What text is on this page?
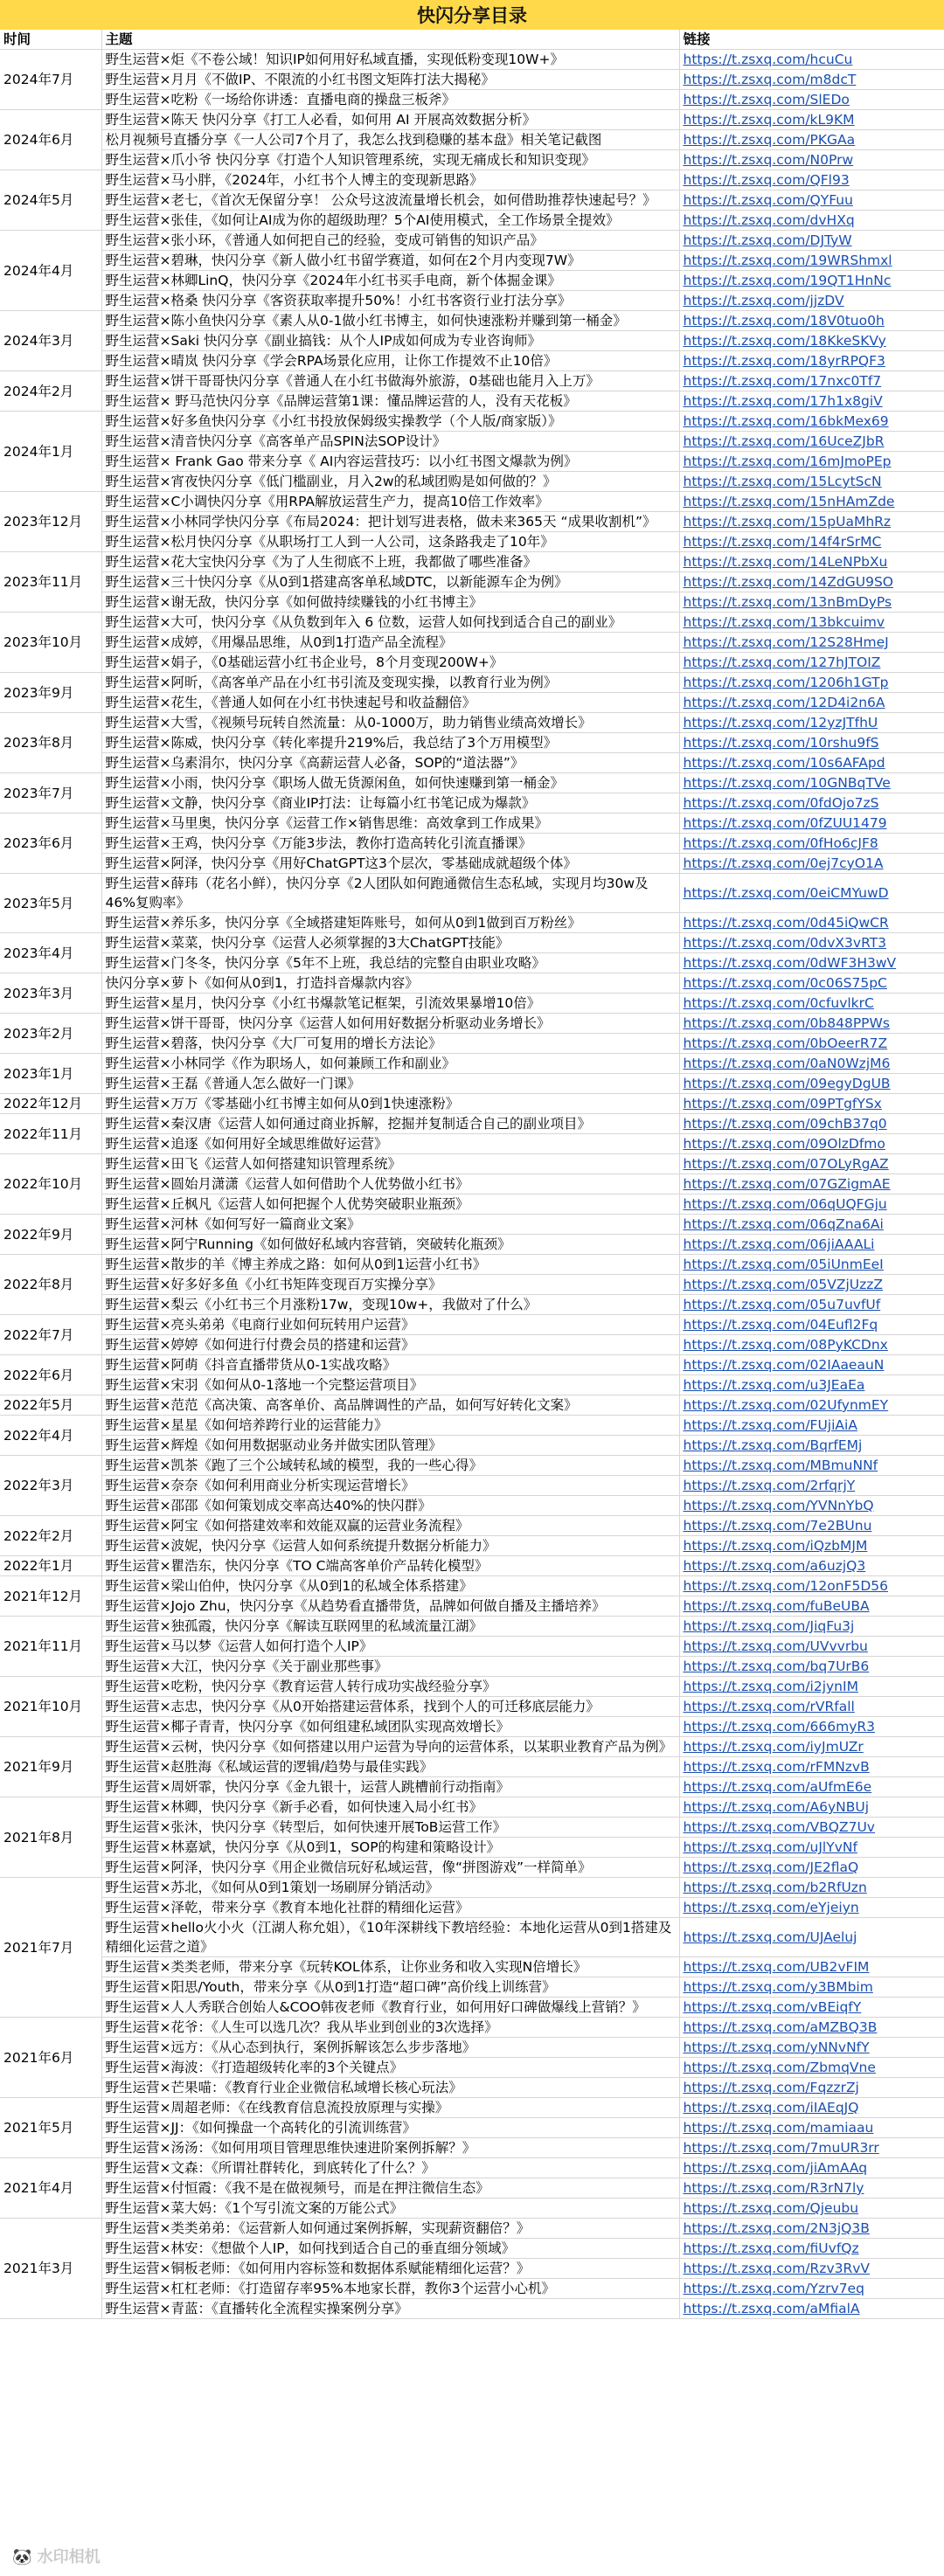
快闪分享目录
时间	主题	链接
2024年7月	野生运营×炬《不卷公域！知识IP如何用好私域直播，实现低粉变现10W+》	https://t.zsxq.com/hcuCu
	野生运营×月月《不做IP、不限流的小红书图文矩阵打法大揭秘》	https://t.zsxq.com/m8dcT
	野生运营×吃粉《一场给你讲透：直播电商的操盘三板斧》	https://t.zsxq.com/SlEDo
2024年6月	野生运营×陈天 快闪分享《打工人必看，如何用 AI 开展高效数据分析》	https://t.zsxq.com/kL9KM
	松月视频号直播分享《一人公司7个月了，我怎么找到稳赚的基本盘》相关笔记截图	https://t.zsxq.com/PKGAa
	野生运营×爪小爷 快闪分享《打造个人知识管理系统，实现无痛成长和知识变现》	https://t.zsxq.com/N0Prw
2024年5月	野生运营×马小胖，《2024年，小红书个人博主的变现新思路》	https://t.zsxq.com/QFl93
	野生运营×老七，《首次无保留分享！ 公众号这波流量增长机会，如何借助推荐快速起号？》	https://t.zsxq.com/QYFuu
	野生运营×张佳，《如何让AI成为你的超级助理？5个AI使用模式，全工作场景全提效》	https://t.zsxq.com/dvHXq
2024年4月	野生运营×张小环，《普通人如何把自己的经验，变成可销售的知识产品》	https://t.zsxq.com/DJTyW
	野生运营×碧琳，快闪分享《新人做小红书留学赛道，如何在2个月内变现7W》	https://t.zsxq.com/19WRShmxl
	野生运营×林卿LinQ，快闪分享《2024年小红书买手电商，新个体掘金课》	https://t.zsxq.com/19QT1HnNc
	野生运营×格桑 快闪分享《客资获取率提升50%！小红书客资行业打法分享》	https://t.zsxq.com/jjzDV
2024年3月	野生运营×陈小鱼快闪分享《素人从0-1做小红书博主，如何快速涨粉并赚到第一桶金》	https://t.zsxq.com/18V0tuo0h
	野生运营×Saki 快闪分享《副业搞钱：从个人IP成如何成为专业咨询师》	https://t.zsxq.com/18KkeSKVy
	野生运营×晴岚 快闪分享《学会RPA场景化应用，让你工作提效不止10倍》	https://t.zsxq.com/18yrRPQF3
2024年2月	野生运营×饼干哥哥快闪分享《普通人在小红书做海外旅游，0基础也能月入上万》	https://t.zsxq.com/17nxc0Tf7
	野生运营× 野马范快闪分享《品牌运营第1课：懂品牌运营的人，没有天花板》	https://t.zsxq.com/17h1x8giV
2024年1月	野生运营×好多鱼快闪分享《小红书投放保姆级实操教学（个人版/商家版）》	https://t.zsxq.com/16bkMex69
	野生运营×清音快闪分享《高客单产品SPIN法SOP设计》	https://t.zsxq.com/16UceZJbR
	野生运营× Frank Gao 带来分享《 AI内容运营技巧：以小红书图文爆款为例》	https://t.zsxq.com/16mJmoPEp
	野生运营×宵夜快闪分享《低门槛副业，月入2w的私域团购是如何做的？》	https://t.zsxq.com/15LcytScN
2023年12月	野生运营×C小调快闪分享《用RPA解放运营生产力，提高10倍工作效率》	https://t.zsxq.com/15nHAmZde
	野生运营×小林同学快闪分享《布局2024：把计划写进表格，做未来365天 “成果收割机”》	https://t.zsxq.com/15pUaMhRz
	野生运营×松月快闪分享《从职场打工人到一人公司，这条路我走了10年》	https://t.zsxq.com/14f4rSrMC
2023年11月	野生运营×花大宝快闪分享《为了人生彻底不上班，我都做了哪些准备》	https://t.zsxq.com/14LeNPbXu
	野生运营×三十快闪分享《从0到1搭建高客单私域DTC，以新能源车企为例》	https://t.zsxq.com/14ZdGU9SO
	野生运营×谢无敌，快闪分享《如何做持续赚钱的小红书博主》	https://t.zsxq.com/13nBmDyPs
2023年10月	野生运营×大可，快闪分享《从负数到年入 6 位数，运营人如何找到适合自己的副业》	https://t.zsxq.com/13bkcuimv
	野生运营×成婷，《用爆品思维，从0到1打造产品全流程》	https://t.zsxq.com/12S28HmeJ
	野生运营×娟子，《0基础运营小红书企业号，8个月变现200W+》	https://t.zsxq.com/127hJTOIZ
2023年9月	野生运营×阿昕，《高客单产品在小红书引流及变现实操，以教育行业为例》	https://t.zsxq.com/1206h1GTp
	野生运营×花生，《普通人如何在小红书快速起号和收益翻倍》	https://t.zsxq.com/12D4i2n6A
2023年8月	野生运营×大雪，《视频号玩转自然流量：从0-1000万，助力销售业绩高效增长》	https://t.zsxq.com/12yzJTfhU
	野生运营×陈威，快闪分享《转化率提升219%后，我总结了3个万用模型》	https://t.zsxq.com/10rshu9fS
	野生运营×乌素涓尔，快闪分享《高薪运营人必备，SOP的“道法器”》	https://t.zsxq.com/10s6AFApd
2023年7月	野生运营×小雨，快闪分享《职场人做无货源闲鱼，如何快速赚到第一桶金》	https://t.zsxq.com/10GNBqTVe
	野生运营×文静，快闪分享《商业IP打法：让每篇小红书笔记成为爆款》	https://t.zsxq.com/0fdOjo7zS
2023年6月	野生运营×马里奥，快闪分享《运营工作×销售思维：高效拿到工作成果》	https://t.zsxq.com/0fZUU1479
	野生运营×王鸡，快闪分享《万能3步法，教你打造高转化引流直播课》	https://t.zsxq.com/0fHo6cJF8
	野生运营×阿泽，快闪分享《用好ChatGPT这3个层次，零基础成就超级个体》	https://t.zsxq.com/0ej7cyO1A
2023年5月	野生运营×薛玮（花名小鲜），快闪分享《2人团队如何跑通微信生态私域，实现月均30w及46%复购率》	https://t.zsxq.com/0eiCMYuwD
	野生运营×养乐多，快闪分享《全域搭建矩阵账号，如何从0到1做到百万粉丝》	https://t.zsxq.com/0d45iQwCR
2023年4月	野生运营×菜菜，快闪分享《运营人必须掌握的3大ChatGPT技能》	https://t.zsxq.com/0dvX3vRT3
	野生运营×门冬冬，快闪分享《5年不上班，我总结的完整自由职业攻略》	https://t.zsxq.com/0dWF3H3wV
2023年3月	快闪分享×萝卜《如何从0到1，打造抖音爆款内容》	https://t.zsxq.com/0c06S75pC
	野生运营×星月，快闪分享《小红书爆款笔记框架，引流效果暴增10倍》	https://t.zsxq.com/0cfuvlkrC
2023年2月	野生运营×饼干哥哥，快闪分享《运营人如何用好数据分析驱动业务增长》	https://t.zsxq.com/0b848PPWs
	野生运营×碧落，快闪分享《大厂可复用的增长方法论》	https://t.zsxq.com/0bOeerR7Z
2023年1月	野生运营×小林同学《作为职场人，如何兼顾工作和副业》	https://t.zsxq.com/0aN0WzjM6
	野生运营×王磊《普通人怎么做好一门课》	https://t.zsxq.com/09egyDgUB
2022年12月	野生运营×万万《零基础小红书博主如何从0到1快速涨粉》	https://t.zsxq.com/09PTgfYSx
2022年11月	野生运营×秦汉唐《运营人如何通过商业拆解，挖掘并复制适合自己的副业项目》	https://t.zsxq.com/09chB37q0
	野生运营×追逐《如何用好全域思维做好运营》	https://t.zsxq.com/09OlzDfmo
2022年10月	野生运营×田飞《运营人如何搭建知识管理系统》	https://t.zsxq.com/07OLyRgAZ
	野生运营×圆始月潇潇《运营人如何借助个人优势做小红书》	https://t.zsxq.com/07GZigmAE
	野生运营×丘枫凡《运营人如何把握个人优势突破职业瓶颈》	https://t.zsxq.com/06qUQFGju
2022年9月	野生运营×河林《如何写好一篇商业文案》	https://t.zsxq.com/06qZna6Ai
	野生运营×阿宁Running《如何做好私域内容营销，突破转化瓶颈》	https://t.zsxq.com/06jiAAALi
2022年8月	野生运营×散步的羊《博主养成之路：如何从0到1运营小红书》	https://t.zsxq.com/05iUnmEeI
	野生运营×好多好多鱼《小红书矩阵变现百万实操分享》	https://t.zsxq.com/05VZjUzzZ
	野生运营×梨云《小红书三个月涨粉17w，变现10w+，我做对了什么》	https://t.zsxq.com/05u7uvfUf
2022年7月	野生运营×亮头弟弟《电商行业如何玩转用户运营》	https://t.zsxq.com/04Eufl2Fq
	野生运营×婷婷《如何进行付费会员的搭建和运营》	https://t.zsxq.com/08PyKCDnx
2022年6月	野生运营×阿萌《抖音直播带货从0-1实战攻略》	https://t.zsxq.com/02IAaeauN
	野生运营×宋羽《如何从0-1落地一个完整运营项目》	https://t.zsxq.com/u3JEaEa
2022年5月	野生运营×范范《高决策、高客单价、高品牌调性的产品，如何写好转化文案》	https://t.zsxq.com/02UfynmEY
2022年4月	野生运营×星星《如何培养跨行业的运营能力》	https://t.zsxq.com/FUjiAiA
	野生运营×辉煌《如何用数据驱动业务并做实团队管理》	https://t.zsxq.com/BqrfEMj
2022年3月	野生运营×凯茶《跑了三个公域转私域的模型，我的一些心得》	https://t.zsxq.com/MBmuNNf
	野生运营×奈奈《如何利用商业分析实现运营增长》	https://t.zsxq.com/2rfqrjY
	野生运营×邵邵《如何策划成交率高达40%的快闪群》	https://t.zsxq.com/YVNnYbQ
2022年2月	野生运营×阿宝《如何搭建效率和效能双赢的运营业务流程》	https://t.zsxq.com/7e2BUnu
	野生运营×波妮，快闪分享《运营人如何系统提升数据分析能力》	https://t.zsxq.com/iQzbMJM
2022年1月	野生运营×瞿浩东，快闪分享《TO C端高客单价产品转化模型》	https://t.zsxq.com/a6uzjQ3
2021年12月	野生运营×梁山伯仲，快闪分享《从0到1的私域全体系搭建》	https://t.zsxq.com/12onF5D56
	野生运营×Jojo Zhu，快闪分享《从趋势看直播带货，品牌如何做自播及主播培养》	https://t.zsxq.com/fuBeUBA
2021年11月	野生运营×独孤霞，快闪分享《解读互联网里的私域流量江湖》	https://t.zsxq.com/JiqFu3j
	野生运营×马以梦《运营人如何打造个人IP》	https://t.zsxq.com/UVvvrbu
	野生运营×大江，快闪分享《关于副业那些事》	https://t.zsxq.com/bq7UrB6
2021年10月	野生运营×吃粉，快闪分享《教育运营人转行成功实战经验分享》	https://t.zsxq.com/i2jynIM
	野生运营×志忠，快闪分享《从0开始搭建运营体系，找到个人的可迁移底层能力》	https://t.zsxq.com/rVRfall
	野生运营×椰子青青，快闪分享《如何组建私域团队实现高效增长》	https://t.zsxq.com/666myR3
2021年9月	野生运营×云树，快闪分享《如何搭建以用户运营为导向的运营体系，以某职业教育产品为例》	https://t.zsxq.com/iyJmUZr
	野生运营×赵胜海《私域运营的逻辑/趋势与最佳实践》	https://t.zsxq.com/rFMNzvB
	野生运营×周妍霏，快闪分享《金九银十，运营人跳槽前行动指南》	https://t.zsxq.com/aUfmE6e
2021年8月	野生运营×林卿，快闪分享《新手必看，如何快速入局小红书》	https://t.zsxq.com/A6yNBUj
	野生运营×张沐，快闪分享《转型后，如何快速开展ToB运营工作》	https://t.zsxq.com/VBQZ7Uv
	野生运营×林嘉斌，快闪分享《从0到1，SOP的构建和策略设计》	https://t.zsxq.com/uJlYvNf
	野生运营×阿泽，快闪分享《用企业微信玩好私域运营，像“拼图游戏”一样简单》	https://t.zsxq.com/JE2flaQ
2021年7月	野生运营×苏北，《如何从0到1策划一场刷屏分销活动》	https://t.zsxq.com/b2RfUzn
	野生运营×泽乾，带来分享《教育本地化社群的精细化运营》	https://t.zsxq.com/eYjeiyn
	野生运营×hello火小火（江湖人称允姐），《10年深耕线下教培经验：本地化运营从0到1搭建及精细化运营之道》	https://t.zsxq.com/UJAeluj
	野生运营×类类老师，带来分享《玩转KOL体系，让你业务和收入实现N倍增长》	https://t.zsxq.com/UB2vFIM
	野生运营×阳思/Youth，带来分享《从0到1打造“超口碑”高价线上训练营》	https://t.zsxq.com/y3BMbim
	野生运营×人人秀联合创始人&COO韩夜老师《教育行业，如何用好口碑做爆线上营销？》	https://t.zsxq.com/vBEiqfY
2021年6月	野生运营×花爷：《人生可以选几次？我从毕业到创业的3次选择》	https://t.zsxq.com/aMZBQ3B
	野生运营×远方：《从心态到执行，案例拆解该怎么步步落地》	https://t.zsxq.com/yNNvNfY
	野生运营×海波：《打造超级转化率的3个关键点》	https://t.zsxq.com/ZbmqVne
	野生运营×芒果喵：《教育行业企业微信私域增长核心玩法》	https://t.zsxq.com/FqzzrZj
2021年5月	野生运营×周超老师：《在线教育信息流投放原理与实操》	https://t.zsxq.com/iIAEqJQ
	野生运营×JJ：《如何操盘一个高转化的引流训练营》	https://t.zsxq.com/mamiaau
	野生运营×汤汤：《如何用项目管理思维快速进阶案例拆解？》	https://t.zsxq.com/7muUR3rr
2021年4月	野生运营×文森：《所谓社群转化，到底转化了什么？》	https://t.zsxq.com/jiAmAAq
	野生运营×付恒霞：《我不是在做视频号，而是在押注微信生态》	https://t.zsxq.com/R3rN7ly
	野生运营×菜大妈：《1个写引流文案的万能公式》	https://t.zsxq.com/Qjeubu
2021年3月	野生运营×类类弟弟：《运营新人如何通过案例拆解，实现薪资翻倍？》	https://t.zsxq.com/2N3jQ3B
	野生运营×林安：《想做个人IP，如何找到适合自己的垂直细分领域》	https://t.zsxq.com/fiUvfQz
	野生运营×铜板老师：《如何用内容标签和数据体系赋能精细化运营？》	https://t.zsxq.com/Rzv3RvV
	野生运营×杠杠老师：《打造留存率95%本地家长群，教你3个运营小心机》	https://t.zsxq.com/Yzrv7eq
	野生运营×青蓝：《直播转化全流程实操案例分享》	https://t.zsxq.com/aMfialA
🐼 水印相机
